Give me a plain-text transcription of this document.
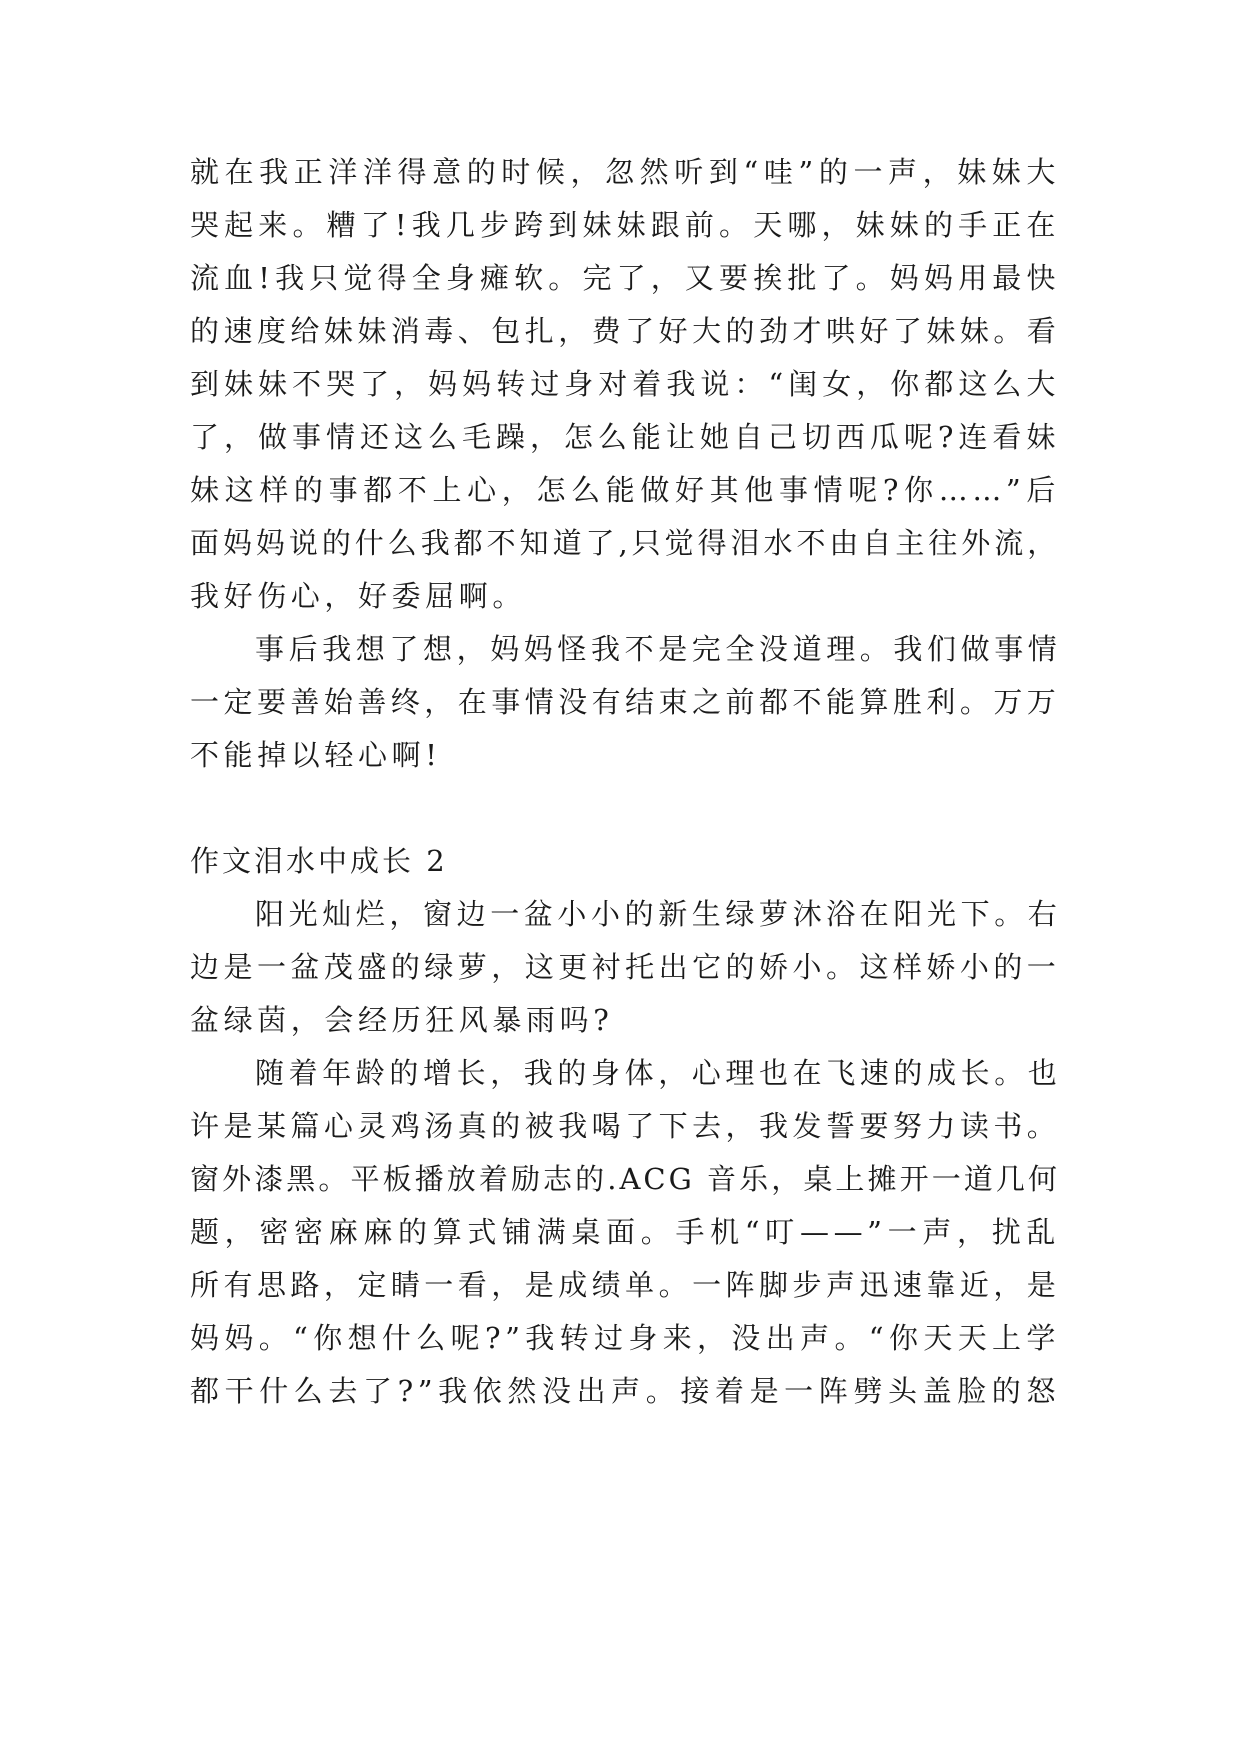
就在我正洋洋得意的时候，忽然听到“哇”的一声，妹妹大
哭起来。糟了!我几步跨到妹妹跟前。天哪，妹妹的手正在
流血!我只觉得全身瘫软。完了，又要挨批了。妈妈用最快
的速度给妹妹消毒、包扎，费了好大的劲才哄好了妹妹。看
到妹妹不哭了，妈妈转过身对着我说：“闺女，你都这么大
了，做事情还这么毛躁，怎么能让她自己切西瓜呢?连看妹
妹这样的事都不上心，怎么能做好其他事情呢?你……”后
面妈妈说的什么我都不知道了,只觉得泪水不由自主往外流，
我好伤心，好委屈啊。
事后我想了想，妈妈怪我不是完全没道理。我们做事情
一定要善始善终，在事情没有结束之前都不能算胜利。万万
不能掉以轻心啊!
作文泪水中成长 2
阳光灿烂，窗边一盆小小的新生绿萝沐浴在阳光下。右
边是一盆茂盛的绿萝，这更衬托出它的娇小。这样娇小的一
盆绿茵，会经历狂风暴雨吗?
随着年龄的增长，我的身体，心理也在飞速的成长。也
许是某篇心灵鸡汤真的被我喝了下去，我发誓要努力读书。
窗外漆黑。平板播放着励志的.ACG 音乐，桌上摊开一道几何
题，密密麻麻的算式铺满桌面。手机“叮——”一声，扰乱
所有思路，定睛一看，是成绩单。一阵脚步声迅速靠近，是
妈妈。“你想什么呢?”我转过身来，没出声。“你天天上学
都干什么去了?”我依然没出声。接着是一阵劈头盖脸的怒
